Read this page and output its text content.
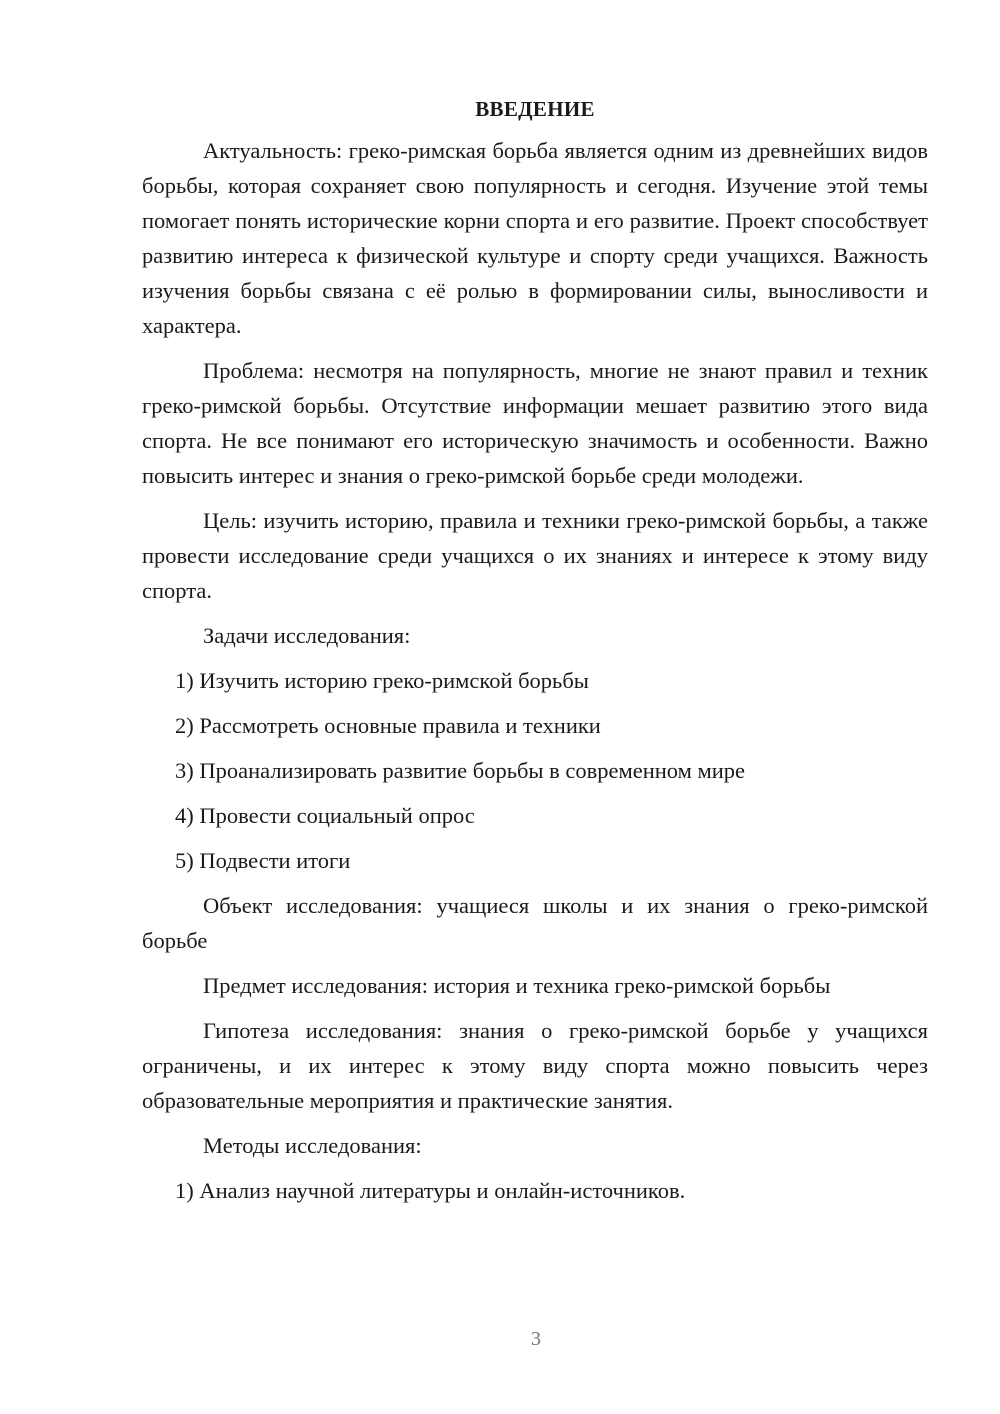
ВВЕДЕНИЕ

Актуальность: греко-римская борьба является одним из древнейших видов борьбы, которая сохраняет свою популярность и сегодня. Изучение этой темы помогает понять исторические корни спорта и его развитие. Проект способствует развитию интереса к физической культуре и спорту среди учащихся. Важность изучения борьбы связана с её ролью в формировании силы, выносливости и характера.

Проблема: несмотря на популярность, многие не знают правил и техник греко-римской борьбы. Отсутствие информации мешает развитию этого вида спорта. Не все понимают его историческую значимость и особенности. Важно повысить интерес и знания о греко-римской борьбе среди молодежи.

Цель: изучить историю, правила и техники греко-римской борьбы, а также провести исследование среди учащихся о их знаниях и интересе к этому виду спорта.

Задачи исследования:
1) Изучить историю греко-римской борьбы
2) Рассмотреть основные правила и техники
3) Проанализировать развитие борьбы в современном мире
4) Провести социальный опрос
5) Подвести итоги

Объект исследования: учащиеся школы и их знания о греко-римской борьбе

Предмет исследования: история и техника греко-римской борьбы

Гипотеза исследования: знания о греко-римской борьбе у учащихся ограничены, и их интерес к этому виду спорта можно повысить через образовательные мероприятия и практические занятия.

Методы исследования:
1) Анализ научной литературы и онлайн-источников.
3
